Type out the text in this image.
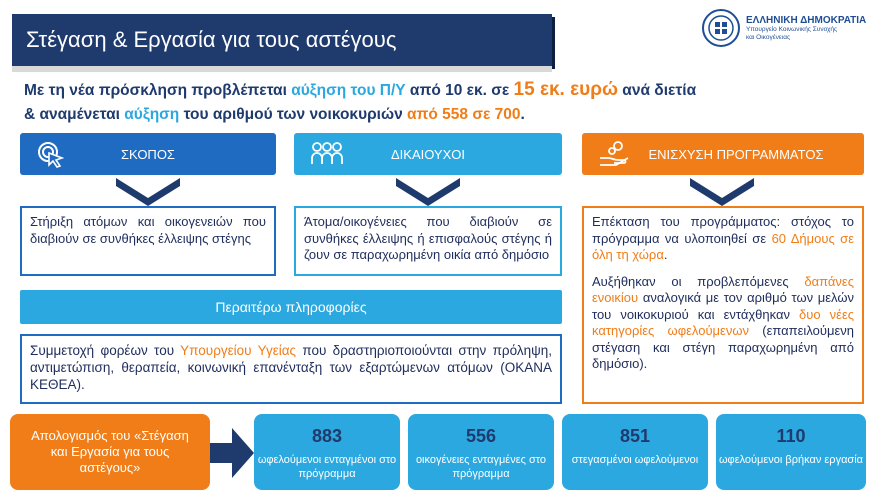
Στέγαση & Εργασία για τους αστέγους
ΕΛΛΗΝΙΚΗ ΔΗΜΟΚΡΑΤΙΑ
Υπουργείο Κοινωνικής Συνοχής
και Οικογένειας
Με τη νέα πρόσκληση προβλέπεται αύξηση του Π/Υ από 10 εκ. σε 15 εκ. ευρώ ανά διετία
& αναμένεται αύξηση του αριθμού των νοικοκυριών από 558 σε 700.
ΣΚΟΠΟΣ	ΔΙΚΑΙΟΥΧΟΙ	ΕΝΙΣΧΥΣΗ ΠΡΟΓΡΑΜΜΑΤΟΣ
Στήριξη ατόμων και οικογενειών που διαβιούν σε συνθήκες έλλειψης στέγης
Άτομα/οικογένειες που διαβιούν σε συνθήκες έλλειψης ή επισφαλούς στέγης ή ζουν σε παραχωρημένη οικία από δημόσιο

Επέκταση του προγράμματος: στόχος το πρόγραμμα να υλοποιηθεί σε 60 Δήμους σε όλη τη χώρα.

Αυξήθηκαν οι προβλεπόμενες δαπάνες ενοικίου αναλογικά με τον αριθμό των μελών του νοικοκυριού και εντάχθηκαν δυο νέες κατηγορίες ωφελούμενων (επαπειλούμενη στέγαση και στέγη παραχωρημένη από δημόσιο).

Περαιτέρω πληροφορίες
Συμμετοχή φορέων του Υπουργείου Υγείας που δραστηριοποιούνται στην πρόληψη, αντιμετώπιση, θεραπεία, κοινωνική επανένταξη των εξαρτώμενων ατόμων (ΟΚΑΝΑ ΚΕΘΕΑ).
Απολογισμός του «Στέγαση και Εργασία για τους αστέγους»
883
ωφελούμενοι ενταγμένοι στο πρόγραμμα
556
οικογένειες ενταγμένες στο πρόγραμμα
851
στεγασμένοι ωφελούμενοι
110
ωφελούμενοι βρήκαν εργασία
